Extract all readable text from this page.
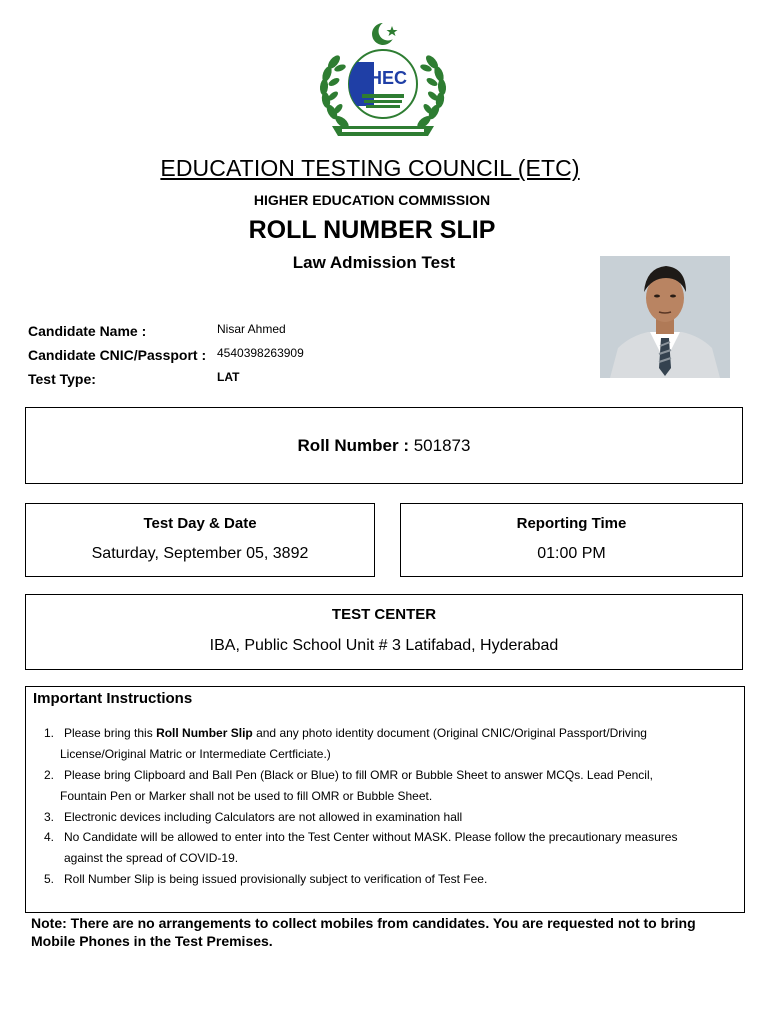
HEC
EDUCATION TESTING COUNCIL (ETC)
HIGHER EDUCATION COMMISSION
ROLL NUMBER SLIP
Law Admission Test
Candidate Name :	Nisar Ahmed
Candidate CNIC/Passport : 4540398263909
Test Type:	LAT
Roll Number : 501873
Test Day & Date
Saturday, September 05, 3892
Reporting Time
01:00 PM
TEST CENTER
IBA, Public School Unit # 3 Latifabad, Hyderabad
Important Instructions
1. Please bring this Roll Number Slip and any photo identity document (Original CNIC/Original Passport/Driving
License/Original Matric or Intermediate Certficiate.)
2. Please bring Clipboard and Ball Pen (Black or Blue) to fill OMR or Bubble Sheet to answer MCQs. Lead Pencil,
Fountain Pen or Marker shall not be used to fill OMR or Bubble Sheet.
3. Electronic devices including Calculators are not allowed in examination hall
4. No Candidate will be allowed to enter into the Test Center without MASK. Please follow the precautionary measures
against the spread of COVID-19.
5. Roll Number Slip is being issued provisionally subject to verification of Test Fee.
Note: There are no arrangements to collect mobiles from candidates. You are requested not to bring Mobile Phones in the Test Premises.
